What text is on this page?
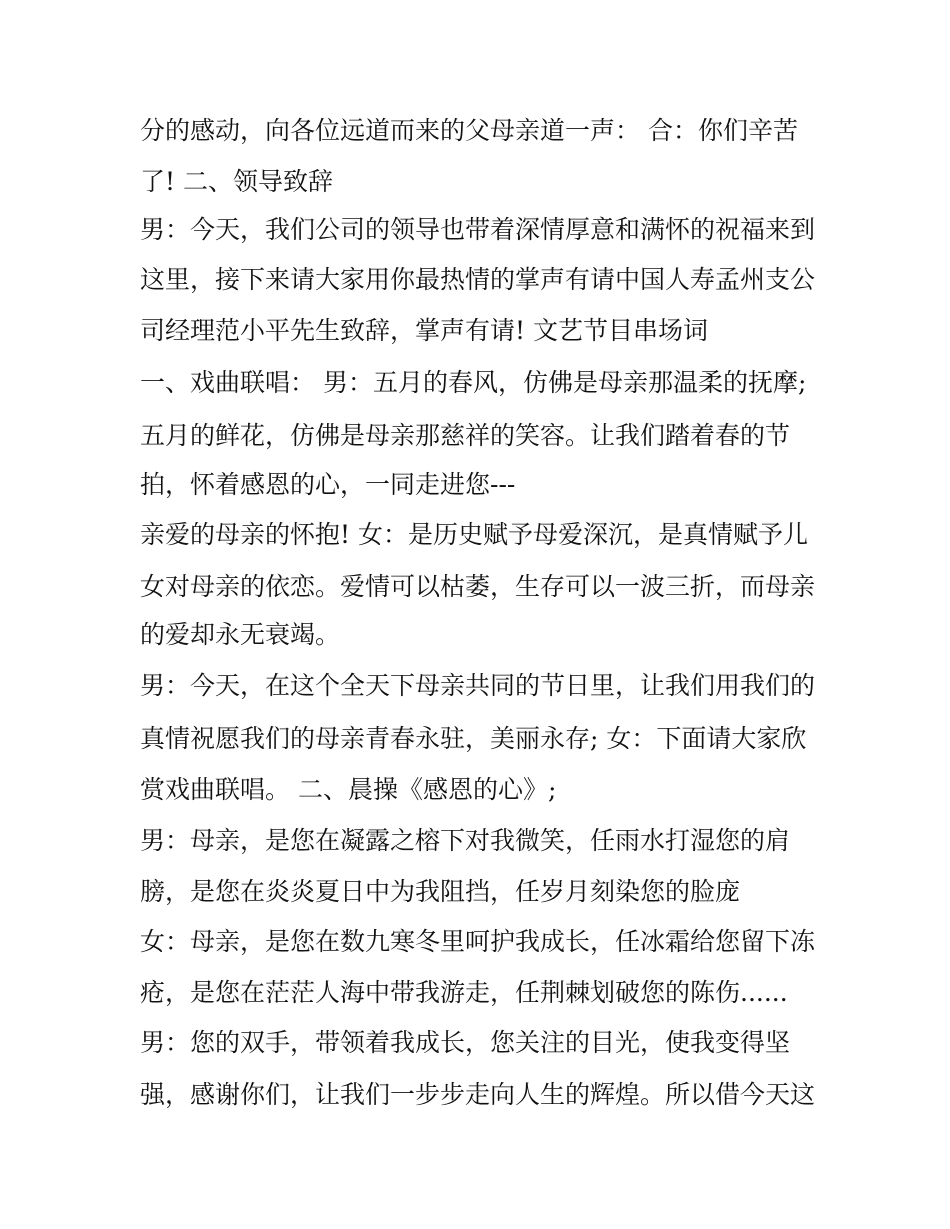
分的感动，向各位远道而来的父母亲道一声： 合：你们辛苦
了! 二、领导致辞
男：今天，我们公司的领导也带着深情厚意和满怀的祝福来到
这里，接下来请大家用你最热情的掌声有请中国人寿孟州支公
司经理范小平先生致辞，掌声有请! 文艺节目串场词
一、戏曲联唱： 男：五月的春风，仿佛是母亲那温柔的抚摩;
五月的鲜花，仿佛是母亲那慈祥的笑容。让我们踏着春的节
拍，怀着感恩的心，一同走进您---
亲爱的母亲的怀抱! 女：是历史赋予母爱深沉，是真情赋予儿
女对母亲的依恋。爱情可以枯萎，生存可以一波三折，而母亲
的爱却永无衰竭。
男：今天，在这个全天下母亲共同的节日里，让我们用我们的
真情祝愿我们的母亲青春永驻，美丽永存; 女：下面请大家欣
赏戏曲联唱。 二、晨操《感恩的心》;
男：母亲，是您在凝露之榕下对我微笑，任雨水打湿您的肩
膀，是您在炎炎夏日中为我阻挡，任岁月刻染您的脸庞
女：母亲，是您在数九寒冬里呵护我成长，任冰霜给您留下冻
疮，是您在茫茫人海中带我游走，任荆棘划破您的陈伤......
男：您的双手，带领着我成长，您关注的目光，使我变得坚
强，感谢你们，让我们一步步走向人生的辉煌。所以借今天这
